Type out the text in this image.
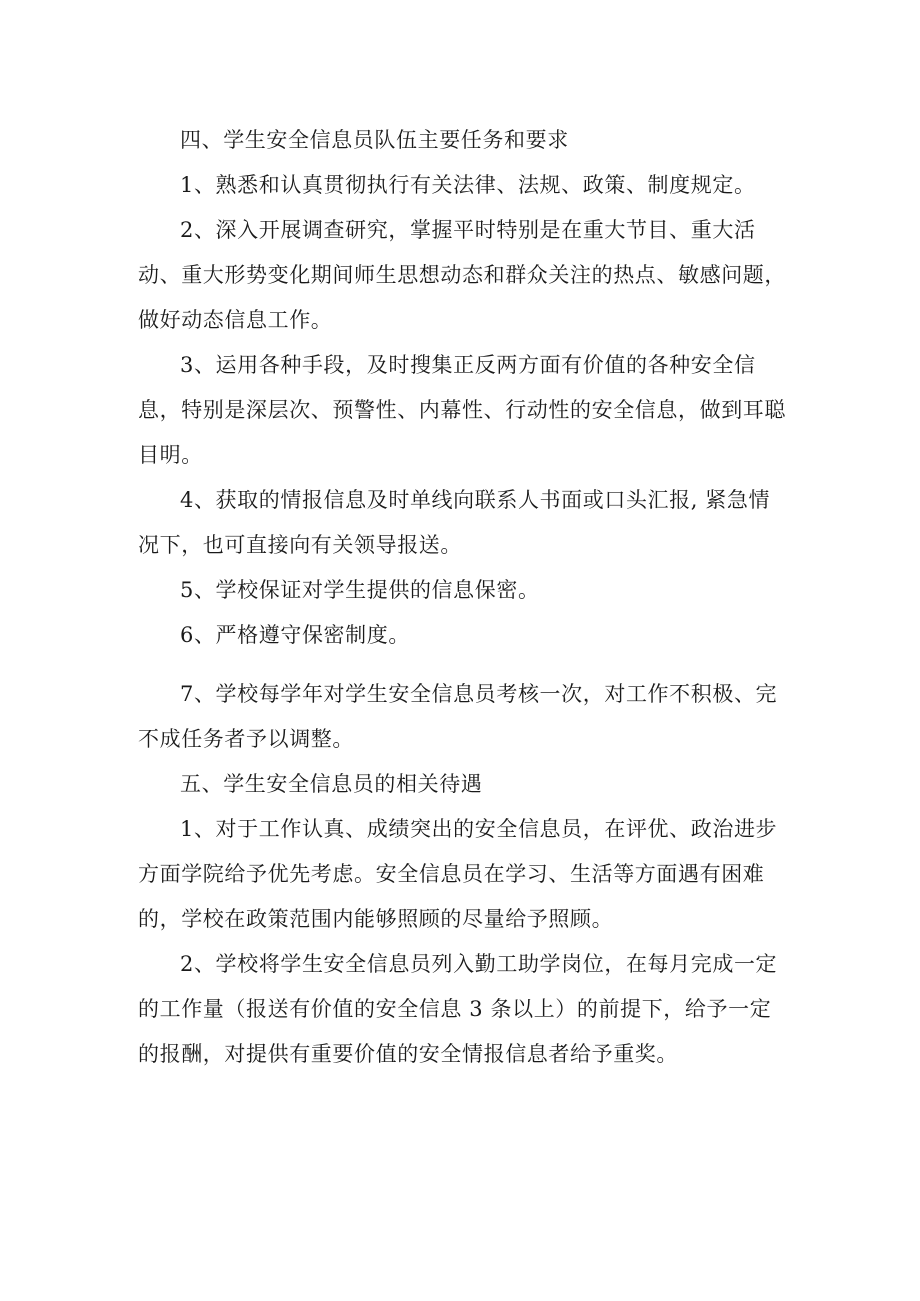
四、学生安全信息员队伍主要任务和要求

1、熟悉和认真贯彻执行有关法律、法规、政策、制度规定。

2、深入开展调查研究，掌握平时特别是在重大节目、重大活动、重大形势变化期间师生思想动态和群众关注的热点、敏感问题，做好动态信息工作。

3、运用各种手段，及时搜集正反两方面有价值的各种安全信息，特别是深层次、预警性、内幕性、行动性的安全信息，做到耳聪目明。

4、获取的情报信息及时单线向联系人书面或口头汇报, 紧急情况下，也可直接向有关领导报送。

5、学校保证对学生提供的信息保密。

6、严格遵守保密制度。

7、学校每学年对学生安全信息员考核一次，对工作不积极、完不成任务者予以调整。

五、学生安全信息员的相关待遇

1、对于工作认真、成绩突出的安全信息员，在评优、政治进步方面学院给予优先考虑。安全信息员在学习、生活等方面遇有困难的，学校在政策范围内能够照顾的尽量给予照顾。

2、学校将学生安全信息员列入勤工助学岗位，在每月完成一定的工作量（报送有价值的安全信息 3 条以上）的前提下，给予一定的报酬，对提供有重要价值的安全情报信息者给予重奖。
